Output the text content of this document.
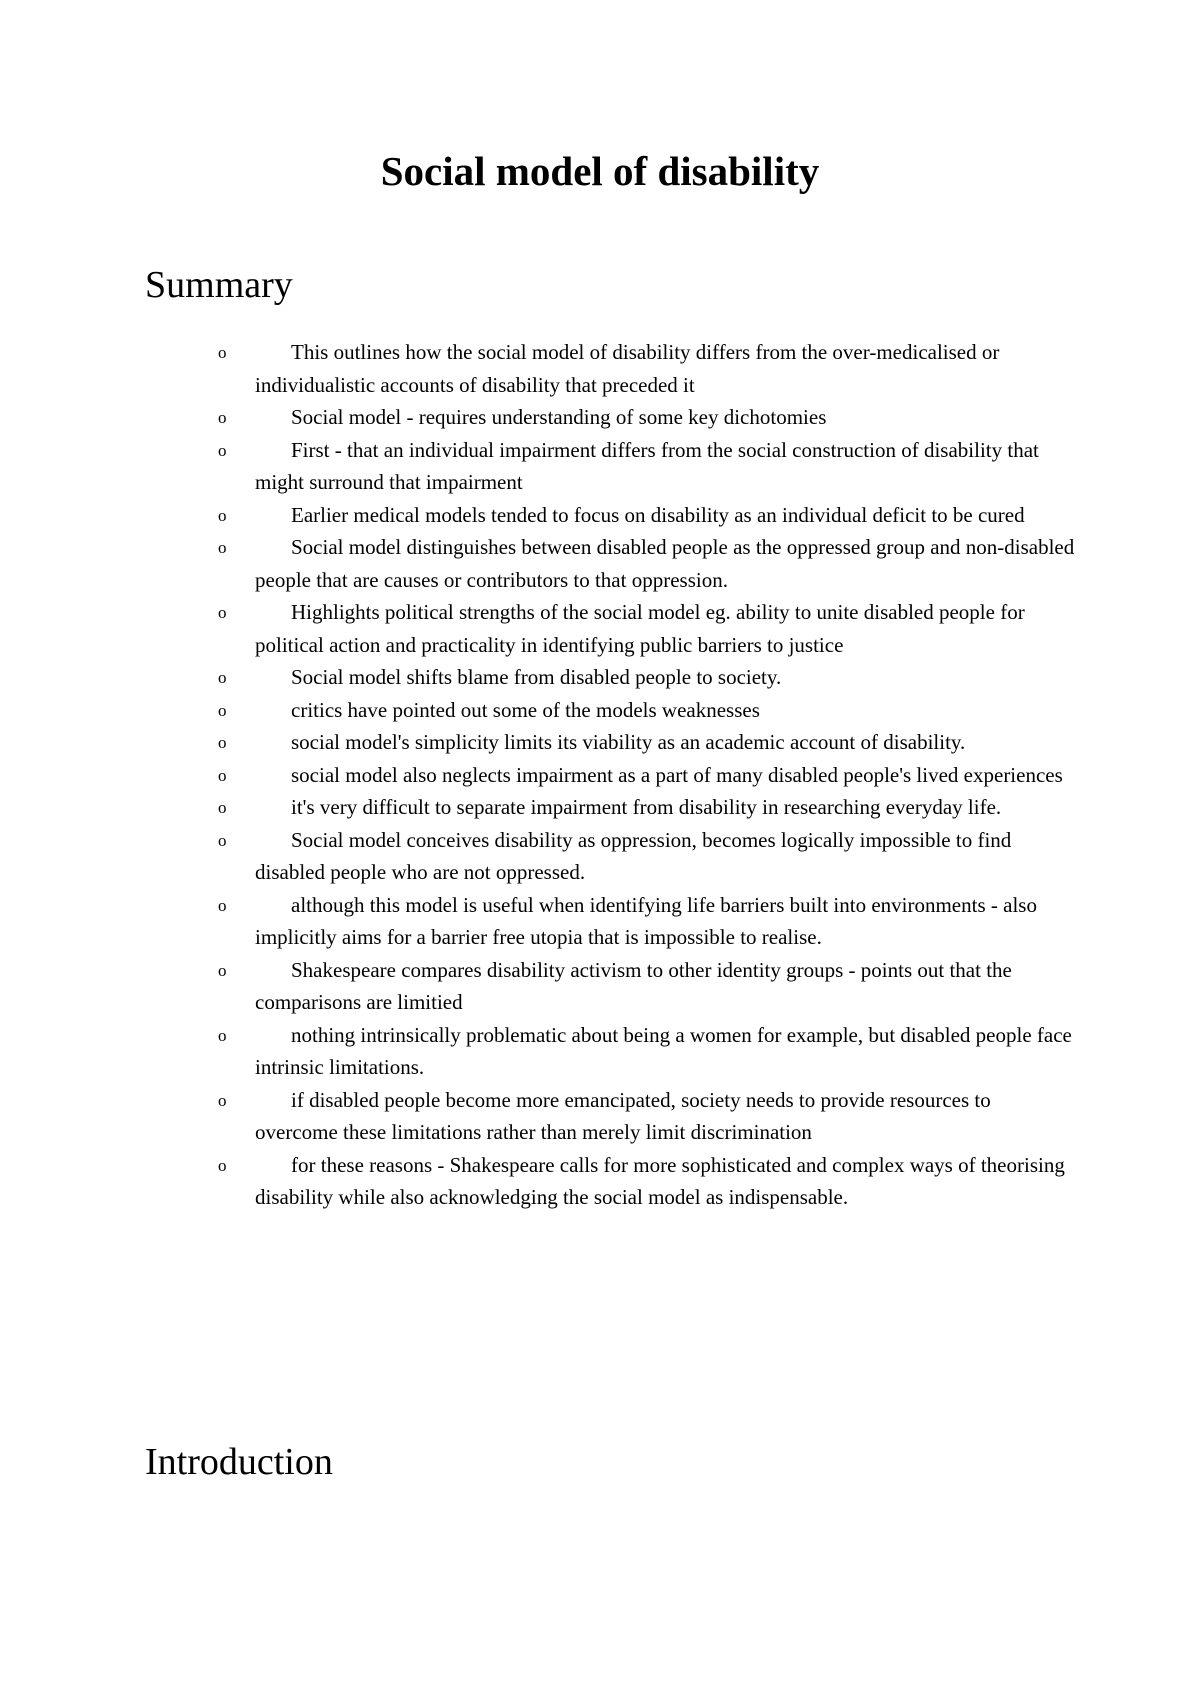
Social model of disability
Summary
o	This outlines how the social model of disability differs from the over-medicalised or individualistic accounts of disability that preceded it
o	Social model - requires understanding of some key dichotomies
o	First - that an individual impairment differs from the social construction of disability that might surround that impairment
o	Earlier medical models tended to focus on disability as an individual deficit to be cured
o	Social model distinguishes between disabled people as the oppressed group and non-disabled people that are causes or contributors to that oppression.
o	Highlights political strengths of the social model eg. ability to unite disabled people for political action and practicality in identifying public barriers to justice
o	Social model shifts blame from disabled people to society.
o	critics have pointed out some of the models weaknesses
o	social model's simplicity limits its viability as an academic account of disability.
o	social model also neglects impairment as a part of many disabled people's lived experiences
o	it's very difficult to separate impairment from disability in researching everyday life.
o	Social model conceives disability as oppression, becomes logically impossible to find disabled people who are not oppressed.
o	although this model is useful when identifying life barriers built into environments - also implicitly aims for a barrier free utopia that is impossible to realise.
o	Shakespeare compares disability activism to other identity groups - points out that the comparisons are limitied
o	nothing intrinsically problematic about being a women for example, but disabled people face intrinsic limitations.
o	if disabled people become more emancipated, society needs to provide resources to overcome these limitations rather than merely limit discrimination
o	for these reasons - Shakespeare calls for more sophisticated and complex ways of theorising disability while also acknowledging the social model as indispensable.
Introduction
